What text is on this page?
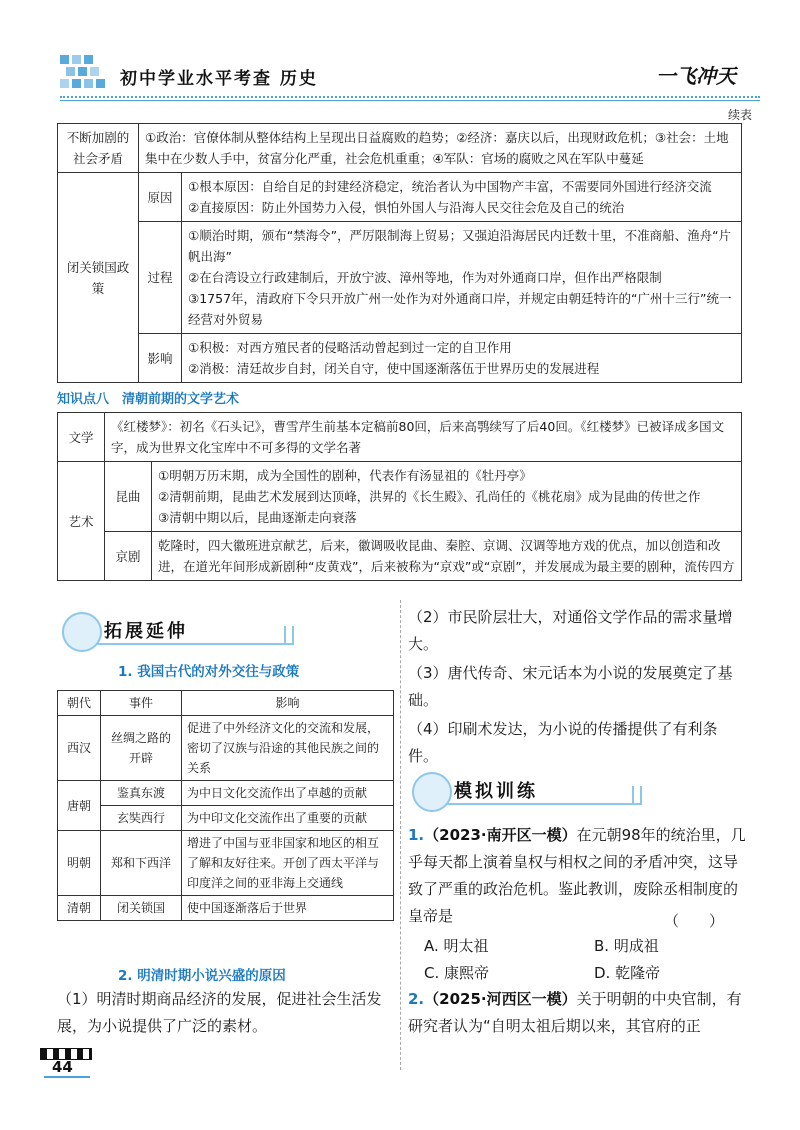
初中学业水平考查 历史	一飞冲天
续表
不断加剧的社会矛盾	①政治：官僚体制从整体结构上呈现出日益腐败的趋势；②经济：嘉庆以后，出现财政危机；③社会：土地集中在少数人手中，贫富分化严重，社会危机重重；④军队：官场的腐败之风在军队中蔓延	
闭关锁国政策	原因	①根本原因：自给自足的封建经济稳定，统治者认为中国物产丰富，不需要同外国进行经济交流
		②直接原因：防止外国势力入侵，惧怕外国人与沿海人民交往会危及自己的统治
	过程	①顺治时期，颁布“禁海令”，严厉限制海上贸易；又强迫沿海居民内迁数十里，不准商船、渔舟“片帆出海”
		②在台湾设立行政建制后，开放宁波、漳州等地，作为对外通商口岸，但作出严格限制
		③1757年，清政府下令只开放广州一处作为对外通商口岸，并规定由朝廷特许的“广州十三行”统一经营对外贸易
	影响	①积极：对西方殖民者的侵略活动曾起到过一定的自卫作用
		②消极：清廷故步自封，闭关自守，使中国逐渐落伍于世界历史的发展进程
知识点八　清朝前期的文学艺术
文学	《红楼梦》：初名《石头记》，曹雪芹生前基本定稿前80回，后来高鹗续写了后40回。《红楼梦》已被译成多国文字，成为世界文化宝库中不可多得的文学名著	
艺术	昆曲	①明朝万历末期，成为全国性的剧种，代表作有汤显祖的《牡丹亭》
		②清朝前期，昆曲艺术发展到达顶峰，洪昇的《长生殿》、孔尚任的《桃花扇》成为昆曲的传世之作
		③清朝中期以后，昆曲逐渐走向衰落
	京剧	乾隆时，四大徽班进京献艺，后来，徽调吸收昆曲、秦腔、京调、汉调等地方戏的优点，加以创造和改进，在道光年间形成新剧种“皮黄戏”，后来被称为“京戏”或“京剧”，并发展成为最主要的剧种，流传四方
拓展延伸
1. 我国古代的对外交往与政策
朝代	事件	影响
西汉	丝绸之路的开辟	促进了中外经济文化的交流和发展，密切了汉族与沿途的其他民族之间的关系
唐朝	鉴真东渡	为中日文化交流作出了卓越的贡献
	玄奘西行	为中印文化交流作出了重要的贡献
明朝	郑和下西洋	增进了中国与亚非国家和地区的相互了解和友好往来。开创了西太平洋与印度洋之间的亚非海上交通线
清朝	闭关锁国	使中国逐渐落后于世界
2. 明清时期小说兴盛的原因
（1）明清时期商品经济的发展，促进社会生活发展，为小说提供了广泛的素材。
（2）市民阶层壮大，对通俗文学作品的需求量增大。
（3）唐代传奇、宋元话本为小说的发展奠定了基础。
（4）印刷术发达，为小说的传播提供了有利条件。
模拟训练
1.（2023·南开区一模）在元朝98年的统治里，几乎每天都上演着皇权与相权之间的矛盾冲突，这导致了严重的政治危机。鉴此教训，废除丞相制度的皇帝是	（　　）
A. 明太祖	B. 明成祖
C. 康熙帝	D. 乾隆帝
2.（2025·河西区一模）关于明朝的中央官制，有研究者认为“自明太祖后期以来，其官府的正
44
